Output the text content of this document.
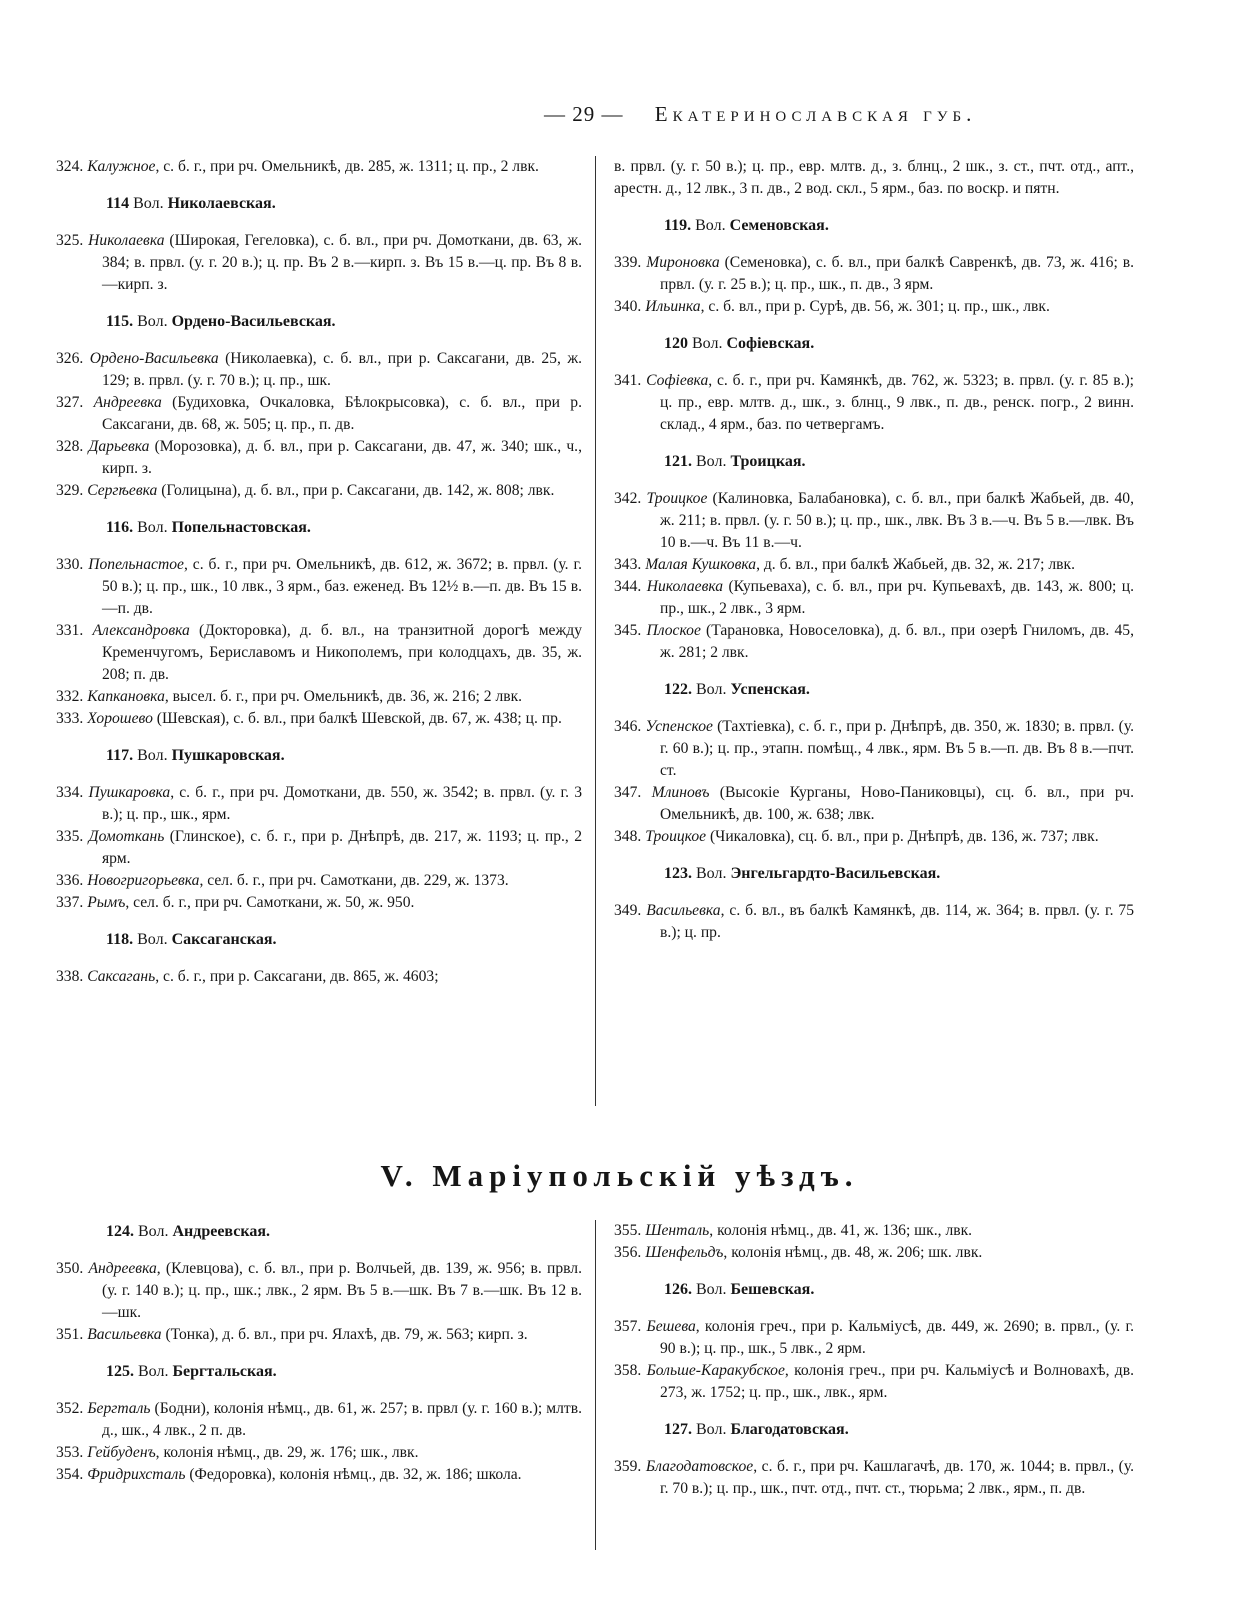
— 29 — Екатеринославская губ.
324. Калужное, с. б. г., при рч. Омельникѣ, дв. 285, ж. 1311; ц. пр., 2 лвк.
114 Вол. Николаевская.
325. Николаевка (Широкая, Гегеловка), с. б. вл., при рч. Домоткани, дв. 63, ж. 384; в. првл. (у. г. 20 в.); ц. пр. Въ 2 в.—кирп. з. Въ 15 в.—ц. пр. Въ 8 в.—кирп. з.
115. Вол. Ордено-Васильевская.
326. Ордено-Васильевка (Николаевка), с. б. вл., при р. Саксагани, дв. 25, ж. 129; в. првл. (у. г. 70 в.); ц. пр., шк.
327. Андреевка (Будиховка, Очкаловка, Бѣлокрысовка), с. б. вл., при р. Саксагани, дв. 68, ж. 505; ц. пр., п. дв.
328. Дарьевка (Морозовка), д. б. вл., при р. Саксагани, дв. 47, ж. 340; шк., ч., кирп. з.
329. Сергѣевка (Голицына), д. б. вл., при р. Саксагани, дв. 142, ж. 808; лвк.
116. Вол. Попельнастовская.
330. Попельнастое, с. б. г., при рч. Омельникѣ, дв. 612, ж. 3672; в. првл. (у. г. 50 в.); ц. пр., шк., 10 лвк., 3 ярм., баз. еженед. Въ 12½ в.—п. дв. Въ 15 в.—п. дв.
331. Александровка (Докторовка), д. б. вл., на транзитной дорогѣ между Кременчугомъ, Бериславомъ и Никополемъ, при колодцахъ, дв. 35, ж. 208; п. дв.
332. Капкановка, высел. б. г., при рч. Омельникѣ, дв. 36, ж. 216; 2 лвк.
333. Хорошево (Шевская), с. б. вл., при балкѣ Шевской, дв. 67, ж. 438; ц. пр.
117. Вол. Пушкаровская.
334. Пушкаровка, с. б. г., при рч. Домоткани, дв. 550, ж. 3542; в. првл. (у. г. 3 в.); ц. пр., шк., ярм.
335. Домоткань (Глинское), с. б. г., при р. Днѣпрѣ, дв. 217, ж. 1193; ц. пр., 2 ярм.
336. Новогригорьевка, сел. б. г., при рч. Самоткани, дв. 229, ж. 1373.
337. Рымъ, сел. б. г., при рч. Самоткани, ж. 50, ж. 950.
118. Вол. Саксаганская.
338. Саксагань, с. б. г., при р. Саксагани, дв. 865, ж. 4603;
в. првл. (у. г. 50 в.); ц. пр., евр. млтв. д., з. блнц., 2 шк., з. ст., пчт. отд., апт., арестн. д., 12 лвк., 3 п. дв., 2 вод. скл., 5 ярм., баз. по воскр. и пятн.
119. Вол. Семеновская.
339. Мироновка (Семеновка), с. б. вл., при балкѣ Савренкѣ, дв. 73, ж. 416; в. првл. (у. г. 25 в.); ц. пр., шк., п. дв., 3 ярм.
340. Ильинка, с. б. вл., при р. Сурѣ, дв. 56, ж. 301; ц. пр., шк., лвк.
120 Вол. Софіевская.
341. Софіевка, с. б. г., при рч. Камянкѣ, дв. 762, ж. 5323; в. првл. (у. г. 85 в.); ц. пр., евр. млтв. д., шк., з. блнц., 9 лвк., п. дв., ренск. погр., 2 винн. склад., 4 ярм., баз. по четвергамъ.
121. Вол. Троицкая.
342. Троицкое (Калиновка, Балабановка), с. б. вл., при балкѣ Жабьей, дв. 40, ж. 211; в. првл. (у. г. 50 в.); ц. пр., шк., лвк. Въ 3 в.—ч. Въ 5 в.—лвк. Въ 10 в.—ч. Въ 11 в.—ч.
343. Малая Кушковка, д. б. вл., при балкѣ Жабьей, дв. 32, ж. 217; лвк.
344. Николаевка (Купьеваха), с. б. вл., при рч. Купьевахѣ, дв. 143, ж. 800; ц. пр., шк., 2 лвк., 3 ярм.
345. Плоское (Тарановка, Новоселовка), д. б. вл., при озерѣ Гниломъ, дв. 45, ж. 281; 2 лвк.
122. Вол. Успенская.
346. Успенское (Тахтіевка), с. б. г., при р. Днѣпрѣ, дв. 350, ж. 1830; в. првл. (у. г. 60 в.); ц. пр., этапн. помѣщ., 4 лвк., ярм. Въ 5 в.—п. дв. Въ 8 в.—пчт. ст.
347. Млиновъ (Высокіе Курганы, Ново-Паниковцы), сц. б. вл., при рч. Омельникѣ, дв. 100, ж. 638; лвк.
348. Троицкое (Чикаловка), сц. б. вл., при р. Днѣпрѣ, дв. 136, ж. 737; лвк.
123. Вол. Энгельгардто-Васильевская.
349. Васильевка, с. б. вл., въ балкѣ Камянкѣ, дв. 114, ж. 364; в. првл. (у. г. 75 в.); ц. пр.
V. Маріупольскій уѣздъ.
124. Вол. Андреевская.
350. Андреевка, (Клевцова), с. б. вл., при р. Волчьей, дв. 139, ж. 956; в. првл. (у. г. 140 в.); ц. пр., шк.; лвк., 2 ярм. Въ 5 в.—шк. Въ 7 в.—шк. Въ 12 в.—шк.
351. Васильевка (Тонка), д. б. вл., при рч. Ялахѣ, дв. 79, ж. 563; кирп. з.
125. Вол. Бергтальская.
352. Бергталь (Бодни), колонія нѣмц., дв. 61, ж. 257; в. првл (у. г. 160 в.); млтв. д., шк., 4 лвк., 2 п. дв.
353. Гейбуденъ, колонія нѣмц., дв. 29, ж. 176; шк., лвк.
354. Фридрихсталь (Федоровка), колонія нѣмц., дв. 32, ж. 186; школа.
355. Шенталь, колонія нѣмц., дв. 41, ж. 136; шк., лвк.
356. Шенфельдъ, колонія нѣмц., дв. 48, ж. 206; шк. лвк.
126. Вол. Бешевская.
357. Бешева, колонія греч., при р. Кальміусѣ, дв. 449, ж. 2690; в. првл., (у. г. 90 в.); ц. пр., шк., 5 лвк., 2 ярм.
358. Больше-Каракубское, колонія греч., при рч. Кальміусѣ и Волновахѣ, дв. 273, ж. 1752; ц. пр., шк., лвк., ярм.
127. Вол. Благодатовская.
359. Благодатовское, с. б. г., при рч. Кашлагачѣ, дв. 170, ж. 1044; в. првл., (у. г. 70 в.); ц. пр., шк., пчт. отд., пчт. ст., тюрьма; 2 лвк., ярм., п. дв.
